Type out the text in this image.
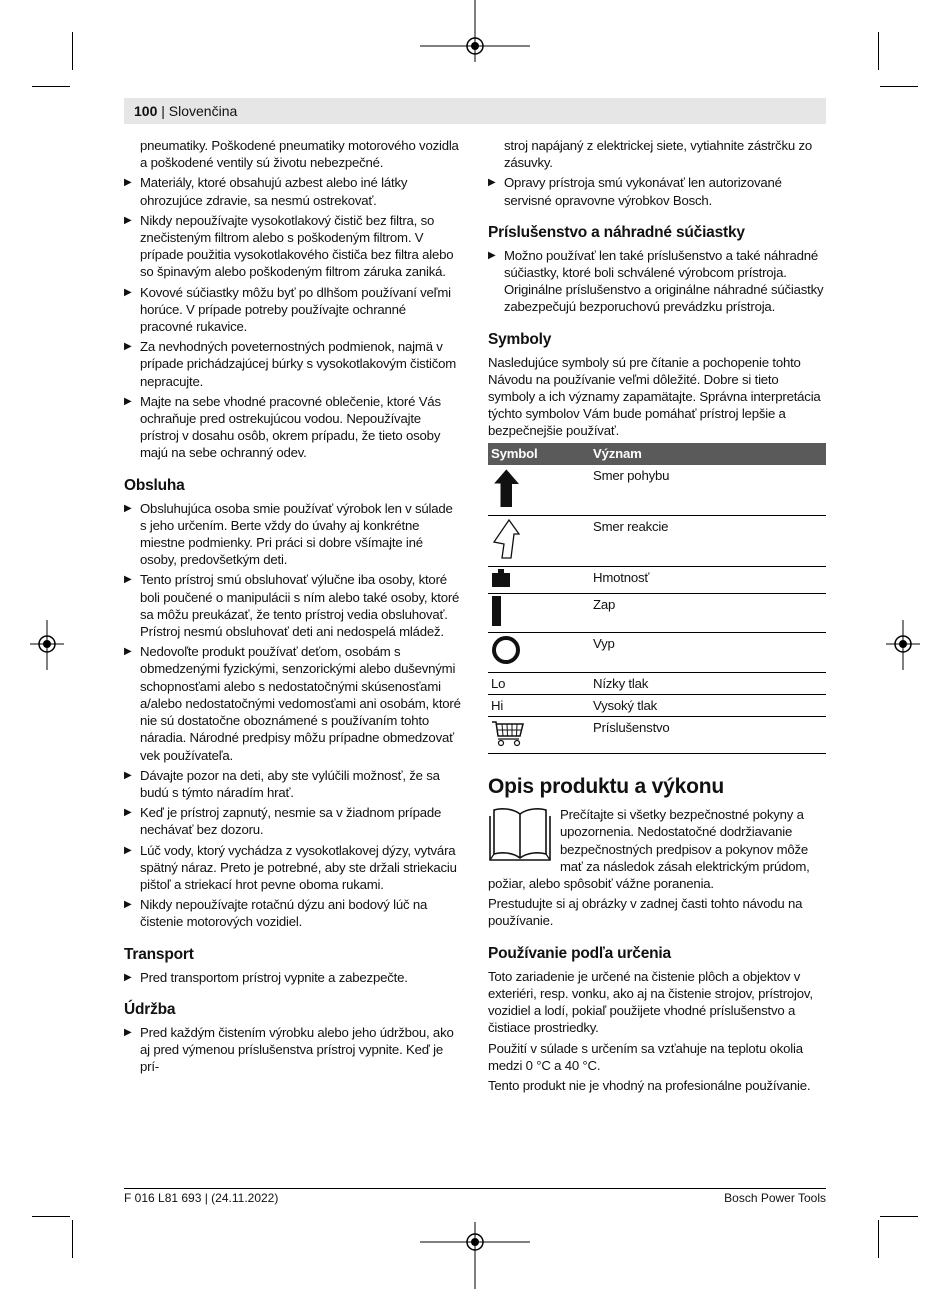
100 | Slovenčina

pneumatiky. Poškodené pneumatiky motorového vozidla a poškodené ventily sú životu nebezpečné.

▶ Materiály, ktoré obsahujú azbest alebo iné látky ohrozujúce zdravie, sa nesmú ostrekovať.

▶ Nikdy nepoužívajte vysokotlakový čistič bez filtra, so znečisteným filtrom alebo s poškodeným filtrom. V prípade použitia vysokotlakového čističa bez filtra alebo so špinavým alebo poškodeným filtrom záruka zaniká.

▶ Kovové súčiastky môžu byť po dlhšom používaní veľmi horúce. V prípade potreby používajte ochranné pracovné rukavice.

▶ Za nevhodných poveternostných podmienok, najmä v prípade prichádzajúcej búrky s vysokotlakovým čističom nepracujte.

▶ Majte na sebe vhodné pracovné oblečenie, ktoré Vás ochraňuje pred ostrekujúcou vodou. Nepoužívajte prístroj v dosahu osôb, okrem prípadu, že tieto osoby majú na sebe ochranný odev.

Obsluha

▶ Obsluhujúca osoba smie používať výrobok len v súlade s jeho určením. Berte vždy do úvahy aj konkrétne miestne podmienky. Pri práci si dobre všímajte iné osoby, predovšetkým deti.

▶ Tento prístroj smú obsluhovať výlučne iba osoby, ktoré boli poučené o manipulácii s ním alebo také osoby, ktoré sa môžu preukázať, že tento prístroj vedia obsluhovať. Prístroj nesmú obsluhovať deti ani nedospelá mládež.

▶ Nedovoľte produkt používať deťom, osobám s obmedzenými fyzickými, senzorickými alebo duševnými schopnosťami alebo s nedostatočnými skúsenosťami a/alebo nedostatočnými vedomosťami ani osobám, ktoré nie sú dostatočne oboznámené s používaním tohto náradia. Národné predpisy môžu prípadne obmedzovať vek používateľa.

▶ Dávajte pozor na deti, aby ste vylúčili možnosť, že sa budú s týmto náradím hrať.

▶ Keď je prístroj zapnutý, nesmie sa v žiadnom prípade nechávať bez dozoru.

▶ Lúč vody, ktorý vychádza z vysokotlakovej dýzy, vytvára spätný náraz. Preto je potrebné, aby ste držali striekaciu pištoľ a striekací hrot pevne oboma rukami.

▶ Nikdy nepoužívajte rotačnú dýzu ani bodový lúč na čistenie motorových vozidiel.

Transport

▶ Pred transportom prístroj vypnite a zabezpečte.

Údržba

▶ Pred každým čistením výrobku alebo jeho údržbou, ako aj pred výmenou príslušenstva prístroj vypnite. Keď je prí-

stroj napájaný z elektrickej siete, vytiahnite zástrčku zo zásuvky.

▶ Opravy prístroja smú vykonávať len autorizované servisné opravovne výrobkov Bosch.

Príslušenstvo a náhradné súčiastky

▶ Možno používať len také príslušenstvo a také náhradné súčiastky, ktoré boli schválené výrobcom prístroja. Originálne príslušenstvo a originálne náhradné súčiastky zabezpečujú bezporuchovú prevádzku prístroja.

Symboly

Nasledujúce symboly sú pre čítanie a pochopenie tohto Návodu na používanie veľmi dôležité. Dobre si tieto symboly a ich významy zapamätajte. Správna interpretácia týchto symbolov Vám bude pomáhať prístroj lepšie a bezpečnejšie používať.

Symbol	Význam
	Smer pohybu
	Smer reakcie
	Hmotnosť
	Zap
	Vyp
Lo	Nízky tlak
Hi	Vysoký tlak
	Príslušenstvo
Opis produktu a výkonu

Prečítajte si všetky bezpečnostné pokyny a upozornenia. Nedostatočné dodržiavanie bezpečnostných predpisov a pokynov môže mať za následok zásah elektrickým prúdom, požiar, alebo spôsobiť vážne poranenia.

Prestudujte si aj obrázky v zadnej časti tohto návodu na používanie.

Používanie podľa určenia

Toto zariadenie je určené na čistenie plôch a objektov v exteriéri, resp. vonku, ako aj na čistenie strojov, prístrojov, vozidiel a lodí, pokiaľ použijete vhodné príslušenstvo a čistiace prostriedky.

Použití v súlade s určením sa vzťahuje na teplotu okolia medzi 0 °C a 40 °C.

Tento produkt nie je vhodný na profesionálne používanie.

F 016 L81 693 | (24.11.2022)	Bosch Power Tools
